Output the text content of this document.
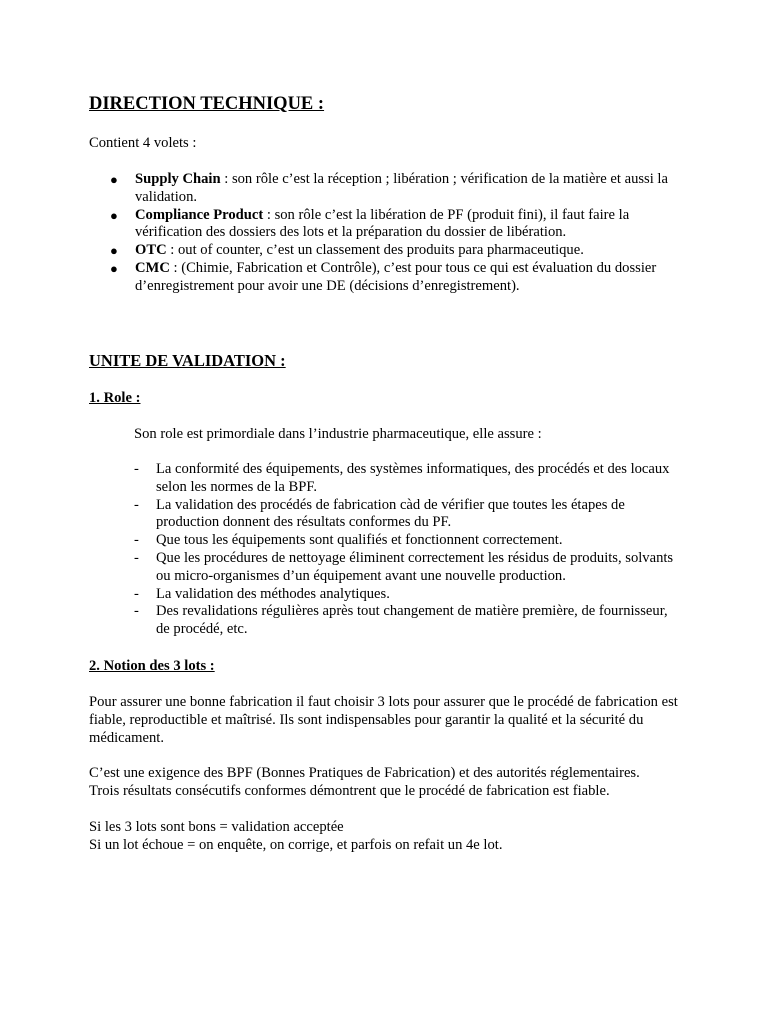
DIRECTION TECHNIQUE :
Contient 4 volets :
● Supply Chain : son rôle c’est la réception ; libération ; vérification de la matière et aussi la validation.
● Compliance Product : son rôle c’est la libération de PF (produit fini), il faut faire la vérification des dossiers des lots et la préparation du dossier de libération.
● OTC : out of counter, c’est un classement des produits para pharmaceutique.
● CMC : (Chimie, Fabrication et Contrôle), c’est pour tous ce qui est évaluation du dossier d’enregistrement pour avoir une DE (décisions d’enregistrement).
UNITE DE VALIDATION :
1. Role :
Son role est primordiale dans l’industrie pharmaceutique, elle assure :
- La conformité des équipements, des systèmes informatiques, des procédés et des locaux selon les normes de la BPF.
- La validation des procédés de fabrication càd de vérifier que toutes les étapes de production donnent des résultats conformes du PF.
- Que tous les équipements sont qualifiés et fonctionnent correctement.
- Que les procédures de nettoyage éliminent correctement les résidus de produits, solvants ou micro-organismes d’un équipement avant une nouvelle production.
- La validation des méthodes analytiques.
- Des revalidations régulières après tout changement de matière première, de fournisseur, de procédé, etc.
2. Notion des 3 lots :
Pour assurer une bonne fabrication il faut choisir 3 lots pour assurer que le procédé de fabrication est fiable, reproductible et maîtrisé. Ils sont indispensables pour garantir la qualité et la sécurité du médicament.

C’est une exigence des BPF (Bonnes Pratiques de Fabrication) et des autorités réglementaires.

Trois résultats consécutifs conformes démontrent que le procédé de fabrication est fiable.

Si les 3 lots sont bons = validation acceptée

Si un lot échoue = on enquête, on corrige, et parfois on refait un 4e lot.
